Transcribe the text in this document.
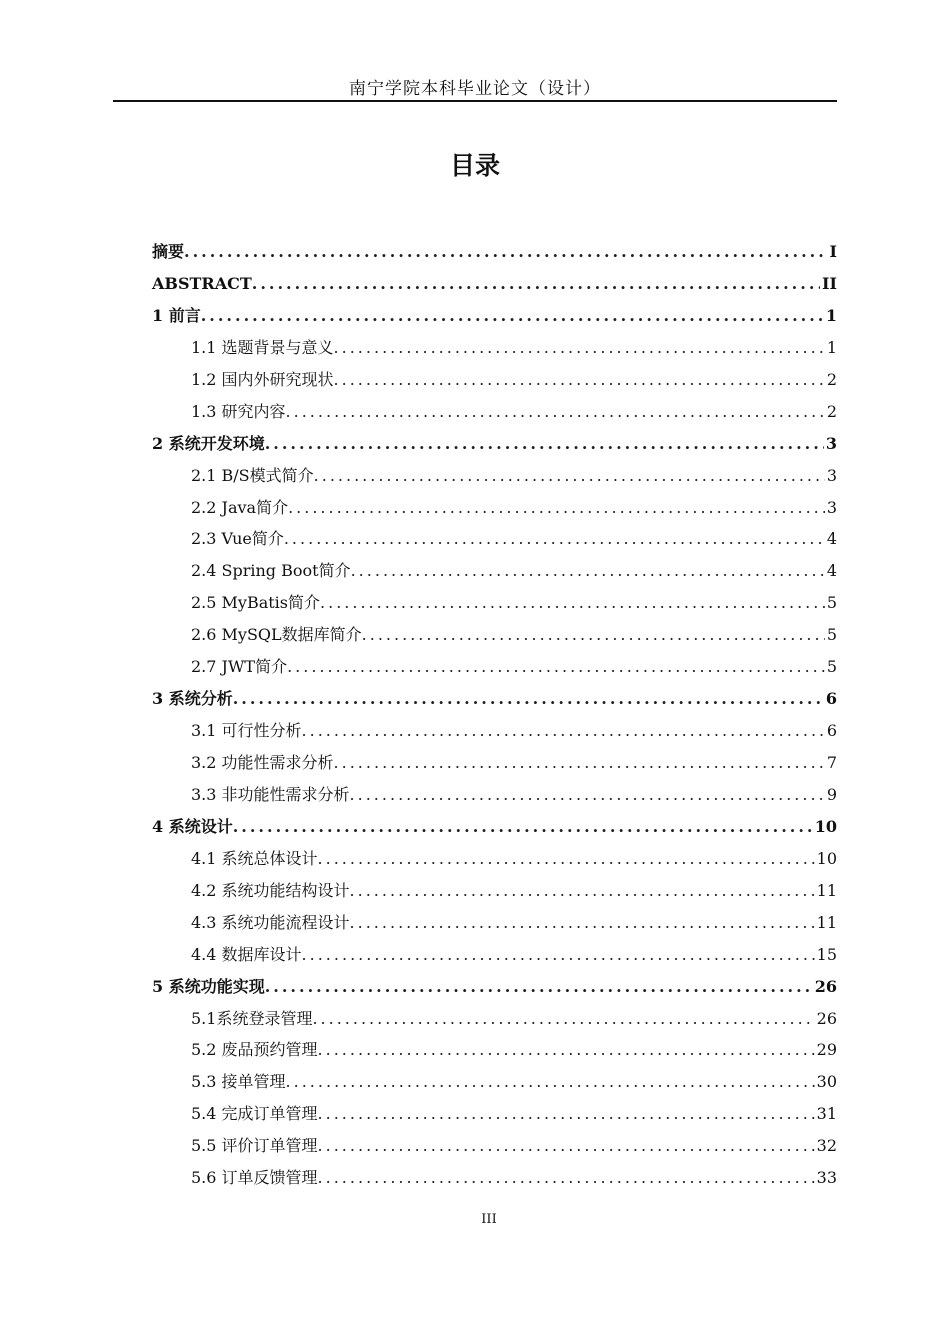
南宁学院本科毕业论文（设计）
目录
摘要 .....	I
ABSTRACT .....	II
1 前言 .....	1
1.1 选题背景与意义 .....	1
1.2 国内外研究现状 .....	2
1.3 研究内容 .....	2
2 系统开发环境 .....	3
2.1 B/S模式简介 .....	3
2.2 Java简介 .....	3
2.3 Vue简介 .....	4
2.4 Spring Boot简介 .....	4
2.5 MyBatis简介 .....	5
2.6 MySQL数据库简介 .....	5
2.7 JWT简介 .....	5
3 系统分析 .....	6
3.1 可行性分析 .....	6
3.2 功能性需求分析 .....	7
3.3 非功能性需求分析 .....	9
4 系统设计 .....	10
4.1 系统总体设计 .....	10
4.2 系统功能结构设计 .....	11
4.3 系统功能流程设计 .....	11
4.4 数据库设计 .....	15
5 系统功能实现 .....	26
5.1系统登录管理 .....	26
5.2 废品预约管理 .....	29
5.3 接单管理 .....	30
5.4 完成订单管理 .....	31
5.5 评价订单管理 .....	32
5.6 订单反馈管理 .....	33
III
